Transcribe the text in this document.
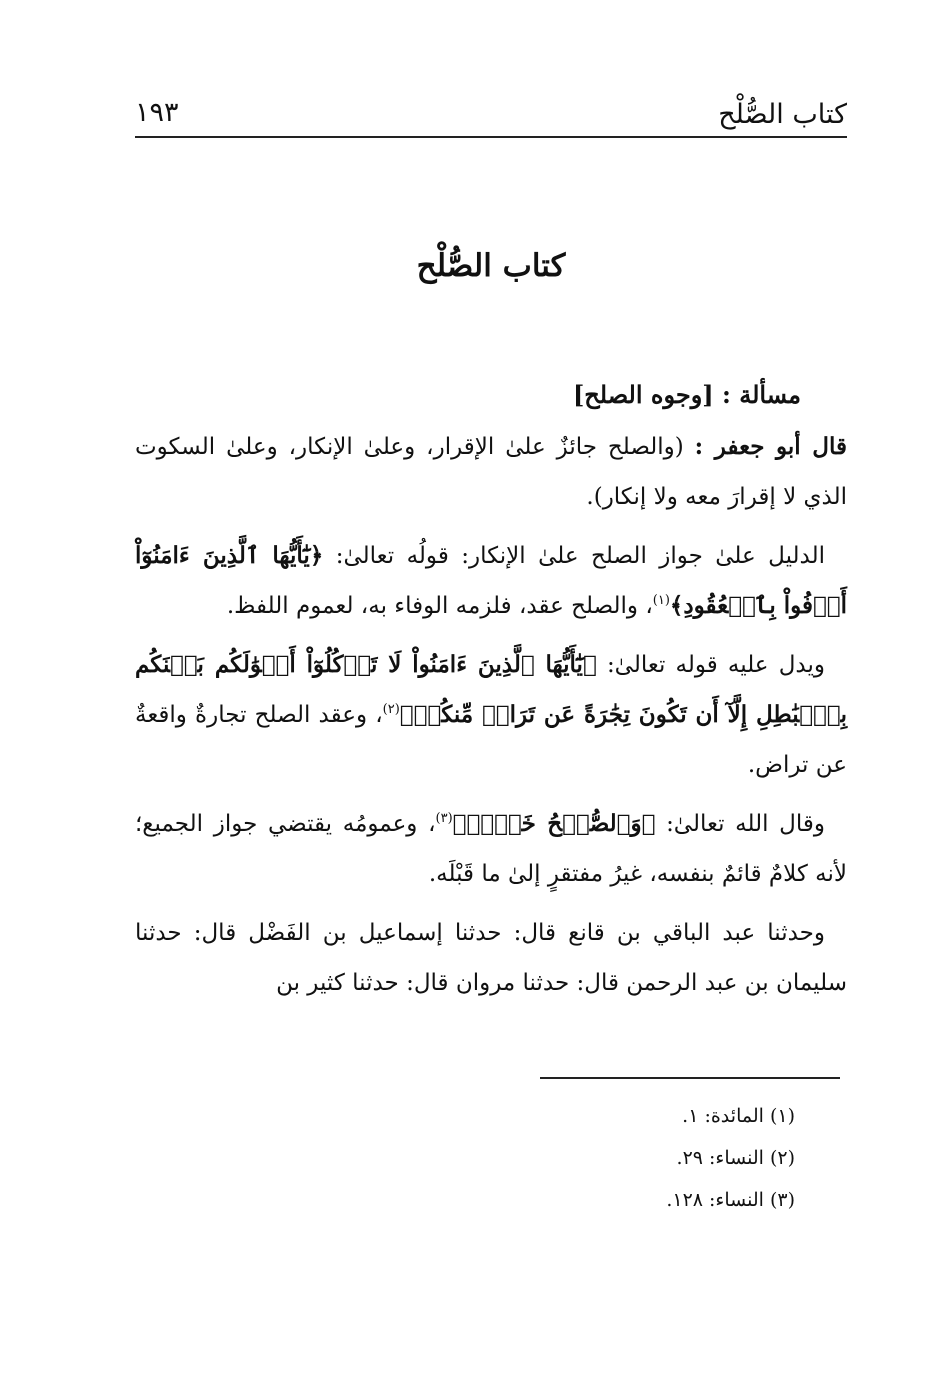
كتاب الصُّلْح
١٩٣
كتاب الصُّلْح

مسألة : [وجوه الصلح]

قال أبو جعفر : (والصلح جائزٌ علىٰ الإقرار، وعلىٰ الإنكار، وعلىٰ السكوت الذي لا إقرارَ معه ولا إنكار).

الدليل علىٰ جواز الصلح علىٰ الإنكار: قولُه تعالىٰ: ﴿يَٰٓأَيُّهَا ٱلَّذِينَ ءَامَنُوٓاْ أَوۡفُواْ بِٱلۡعُقُودِ﴾$^{(١)}$، والصلح عقد، فلزمه الوفاء به، لعموم اللفظ.

ويدل عليه قوله تعالىٰ: ﴿يَٰٓأَيُّهَا ٱلَّذِينَ ءَامَنُواْ لَا تَأۡكُلُوٓاْ أَمۡوَٰلَكُم بَيۡنَكُم بِٱلۡبَٰطِلِ إِلَّآ أَن تَكُونَ تِجَٰرَةً عَن تَرَاضٖ مِّنكُمۡ﴾$^{(٢)}$، وعقد الصلح تجارةٌ واقعةٌ عن تراض.

وقال الله تعالىٰ: ﴿وَٱلصُّلۡحُ خَيۡرٞ﴾$^{(٣)}$، وعمومُه يقتضي جواز الجميع؛ لأنه كلامٌ قائمٌ بنفسه، غيرُ مفتقرٍ إلىٰ ما قَبْلَه.

وحدثنا عبد الباقي بن قانع قال: حدثنا إسماعيل بن الفَضْل قال: حدثنا سليمان بن عبد الرحمن قال: حدثنا مروان قال: حدثنا كثير بن

(١) المائدة: ١.
(٢) النساء: ٢٩.
(٣) النساء: ١٢٨.
